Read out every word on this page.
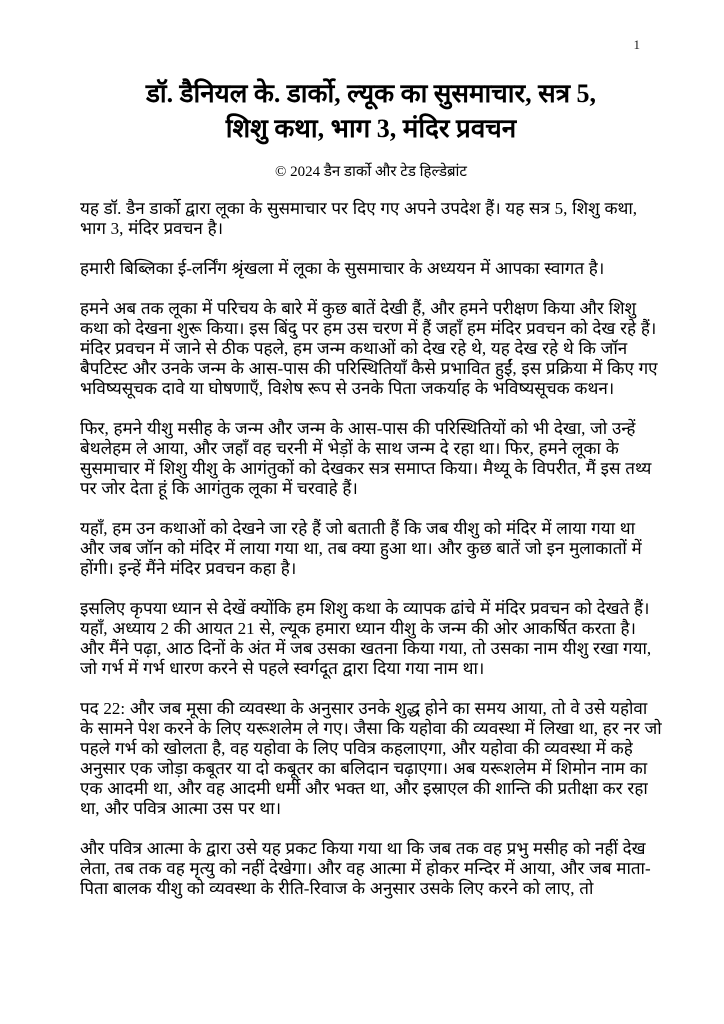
1
डॉ. डैनियल के. डार्को, ल्यूक का सुसमाचार, सत्र 5,
शिशु कथा, भाग 3, मंदिर प्रवचन
© 2024 डैन डार्को और टेड हिल्डेब्रांट

यह डॉ. डैन डार्को द्वारा लूका के सुसमाचार पर दिए गए अपने उपदेश हैं। यह सत्र 5, शिशु कथा, भाग 3, मंदिर प्रवचन है।

हमारी बिब्लिका ई-लर्निंग श्रृंखला में लूका के सुसमाचार के अध्ययन में आपका स्वागत है।

हमने अब तक लूका में परिचय के बारे में कुछ बातें देखी हैं, और हमने परीक्षण किया और शिशु कथा को देखना शुरू किया। इस बिंदु पर हम उस चरण में हैं जहाँ हम मंदिर प्रवचन को देख रहे हैं। मंदिर प्रवचन में जाने से ठीक पहले, हम जन्म कथाओं को देख रहे थे, यह देख रहे थे कि जॉन बैपटिस्ट और उनके जन्म के आस-पास की परिस्थितियाँ कैसे प्रभावित हुईं, इस प्रक्रिया में किए गए भविष्यसूचक दावे या घोषणाएँ, विशेष रूप से उनके पिता जकर्याह के भविष्यसूचक कथन।

फिर, हमने यीशु मसीह के जन्म और जन्म के आस-पास की परिस्थितियों को भी देखा, जो उन्हें बेथलेहम ले आया, और जहाँ वह चरनी में भेड़ों के साथ जन्म दे रहा था। फिर, हमने लूका के सुसमाचार में शिशु यीशु के आगंतुकों को देखकर सत्र समाप्त किया। मैथ्यू के विपरीत, मैं इस तथ्य पर जोर देता हूं कि आगंतुक लूका में चरवाहे हैं।

यहाँ, हम उन कथाओं को देखने जा रहे हैं जो बताती हैं कि जब यीशु को मंदिर में लाया गया था और जब जॉन को मंदिर में लाया गया था, तब क्या हुआ था। और कुछ बातें जो इन मुलाकातों में होंगी। इन्हें मैंने मंदिर प्रवचन कहा है।

इसलिए कृपया ध्यान से देखें क्योंकि हम शिशु कथा के व्यापक ढांचे में मंदिर प्रवचन को देखते हैं। यहाँ, अध्याय 2 की आयत 21 से, ल्यूक हमारा ध्यान यीशु के जन्म की ओर आकर्षित करता है। और मैंने पढ़ा, आठ दिनों के अंत में जब उसका खतना किया गया, तो उसका नाम यीशु रखा गया, जो गर्भ में गर्भ धारण करने से पहले स्वर्गदूत द्वारा दिया गया नाम था।

पद 22: और जब मूसा की व्यवस्था के अनुसार उनके शुद्ध होने का समय आया, तो वे उसे यहोवा के सामने पेश करने के लिए यरूशलेम ले गए। जैसा कि यहोवा की व्यवस्था में लिखा था, हर नर जो पहले गर्भ को खोलता है, वह यहोवा के लिए पवित्र कहलाएगा, और यहोवा की व्यवस्था में कहे अनुसार एक जोड़ा कबूतर या दो कबूतर का बलिदान चढ़ाएगा। अब यरूशलेम में शिमोन नाम का एक आदमी था, और वह आदमी धर्मी और भक्त था, और इस्राएल की शान्ति की प्रतीक्षा कर रहा था, और पवित्र आत्मा उस पर था।

और पवित्र आत्मा के द्वारा उसे यह प्रकट किया गया था कि जब तक वह प्रभु मसीह को नहीं देख लेता, तब तक वह मृत्यु को नहीं देखेगा। और वह आत्मा में होकर मन्दिर में आया, और जब माता-पिता बालक यीशु को व्यवस्था के रीति-रिवाज के अनुसार उसके लिए करने को लाए, तो
